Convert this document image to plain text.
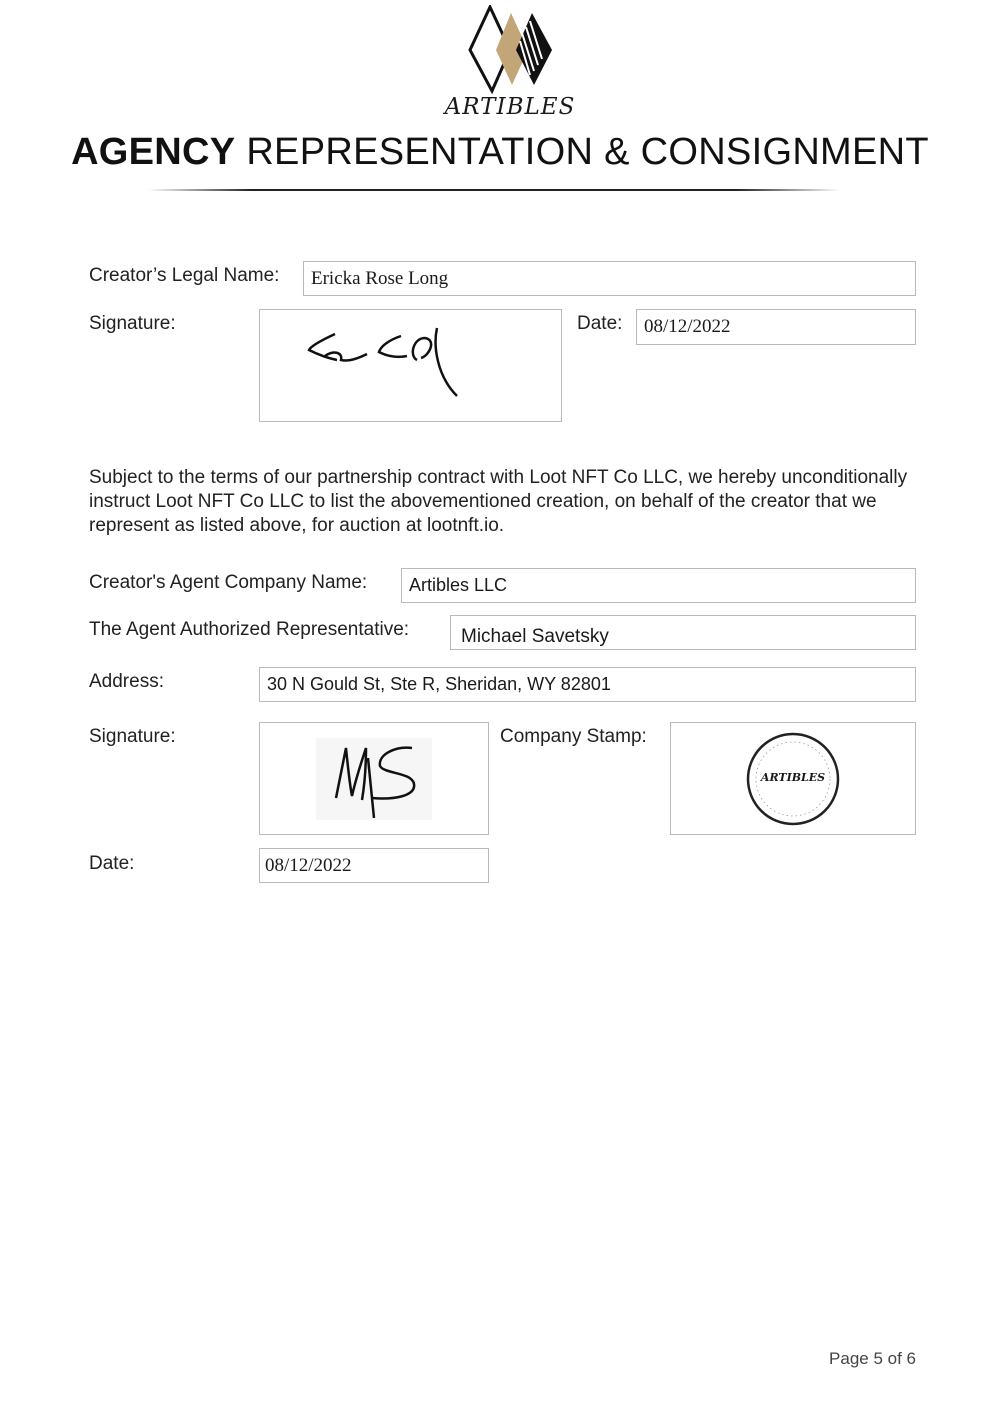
ARTIBLES
AGENCY REPRESENTATION & CONSIGNMENT
Creator’s Legal Name:	Ericka Rose Long
Signature:	Date:	08/12/2022
Subject to the terms of our partnership contract with Loot NFT Co LLC, we hereby unconditionally instruct Loot NFT Co LLC to list the abovementioned creation, on behalf of the creator that we represent as listed above, for auction at lootnft.io.
Creator's Agent Company Name:	Artibles LLC
The Agent Authorized Representative:	Michael Savetsky
Address:	30 N Gould St, Ste R, Sheridan, WY 82801
Signature:	Company Stamp:
ARTIBLES
Date:	08/12/2022
Page 5 of 6
